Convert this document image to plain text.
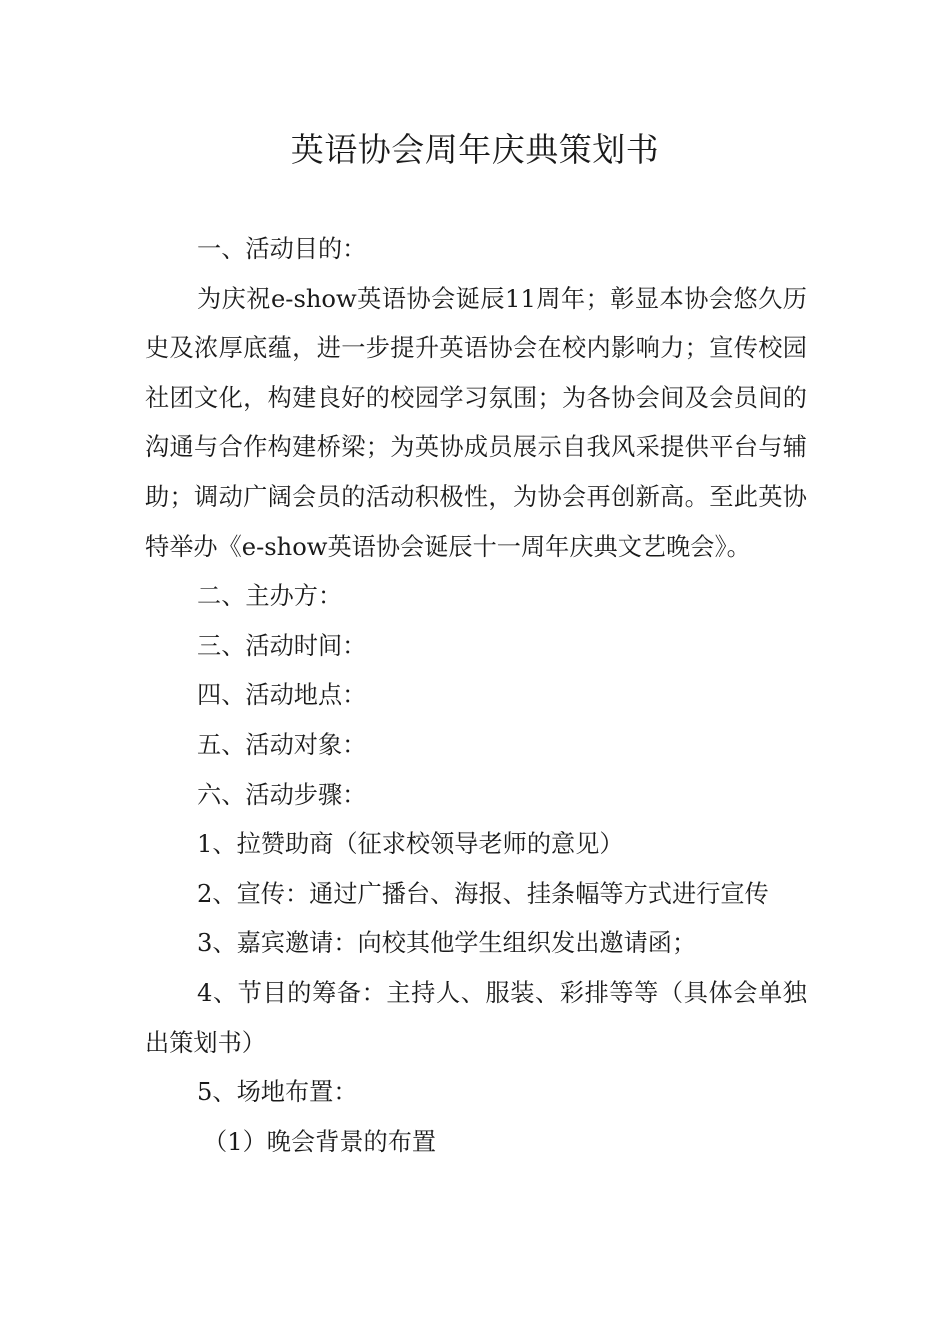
英语协会周年庆典策划书

一、活动目的：

为庆祝e-show英语协会诞辰11周年；彰显本协会悠久历史及浓厚底蕴，进一步提升英语协会在校内影响力；宣传校园社团文化，构建良好的校园学习氛围；为各协会间及会员间的沟通与合作构建桥梁；为英协成员展示自我风采提供平台与辅助；调动广阔会员的活动积极性，为协会再创新高。至此英协特举办《e-show英语协会诞辰十一周年庆典文艺晚会》。

二、主办方：

三、活动时间：

四、活动地点：

五、活动对象：

六、活动步骤：

1、拉赞助商（征求校领导老师的意见）

2、宣传：通过广播台、海报、挂条幅等方式进行宣传

3、嘉宾邀请：向校其他学生组织发出邀请函；

4、节目的筹备：主持人、服装、彩排等等（具体会单独出策划书）

5、场地布置：

（1）晚会背景的布置
